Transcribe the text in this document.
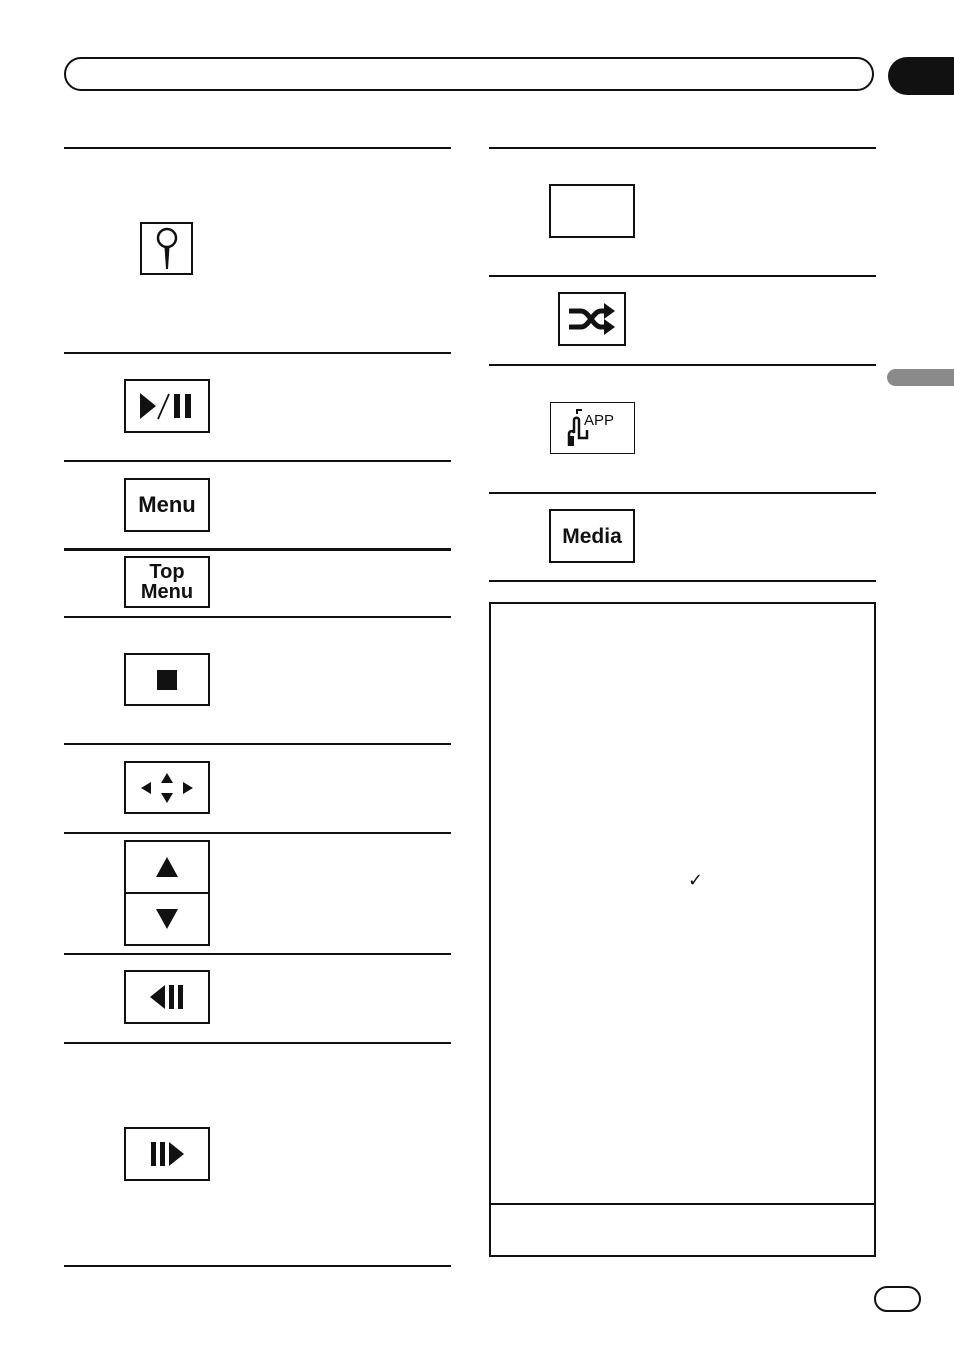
Menu
Top
Menu
APP
Media
✓
